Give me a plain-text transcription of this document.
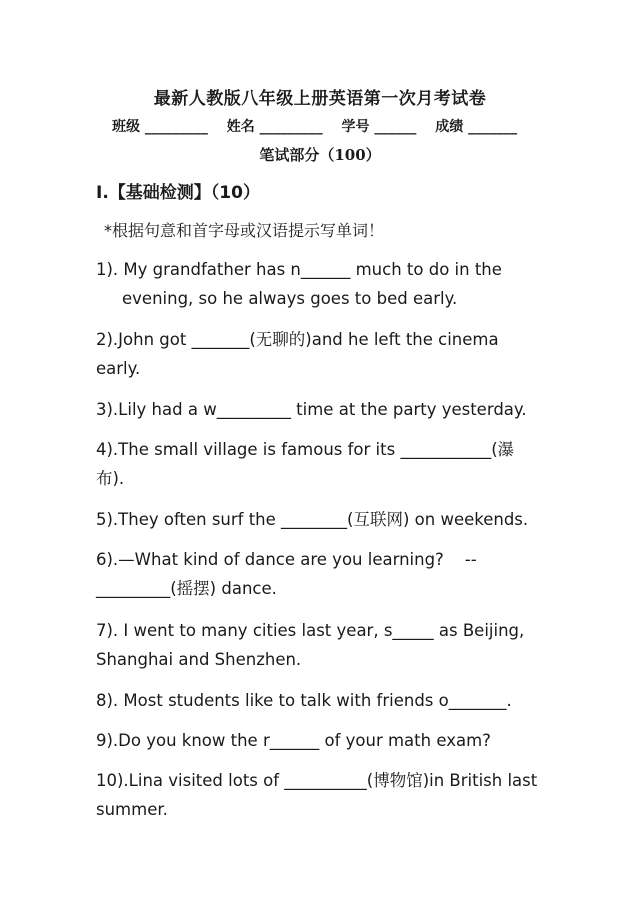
最新人教版八年级上册英语第一次月考试卷
班级 _________ 姓名 _________ 学号 ______ 成绩 _______
笔试部分（100）
I.【基础检测】（10）
*根据句意和首字母或汉语提示写单词！
1). My grandfather has n______ much to do in the
evening, so he always goes to bed early.
2).John got _______(无聊的)and he left the cinema
early.
3).Lily had a w_________ time at the party yesterday.
4).The small village is famous for its ___________(瀑
布).
5).They often surf the ________(互联网) on weekends.
6).—What kind of dance are you learning?    --
_________(摇摆) dance.
7). I went to many cities last year, s_____ as Beijing,
Shanghai and Shenzhen.
8). Most students like to talk with friends o_______.
9).Do you know the r______ of your math exam?
10).Lina visited lots of __________(博物馆)in British last
summer.
